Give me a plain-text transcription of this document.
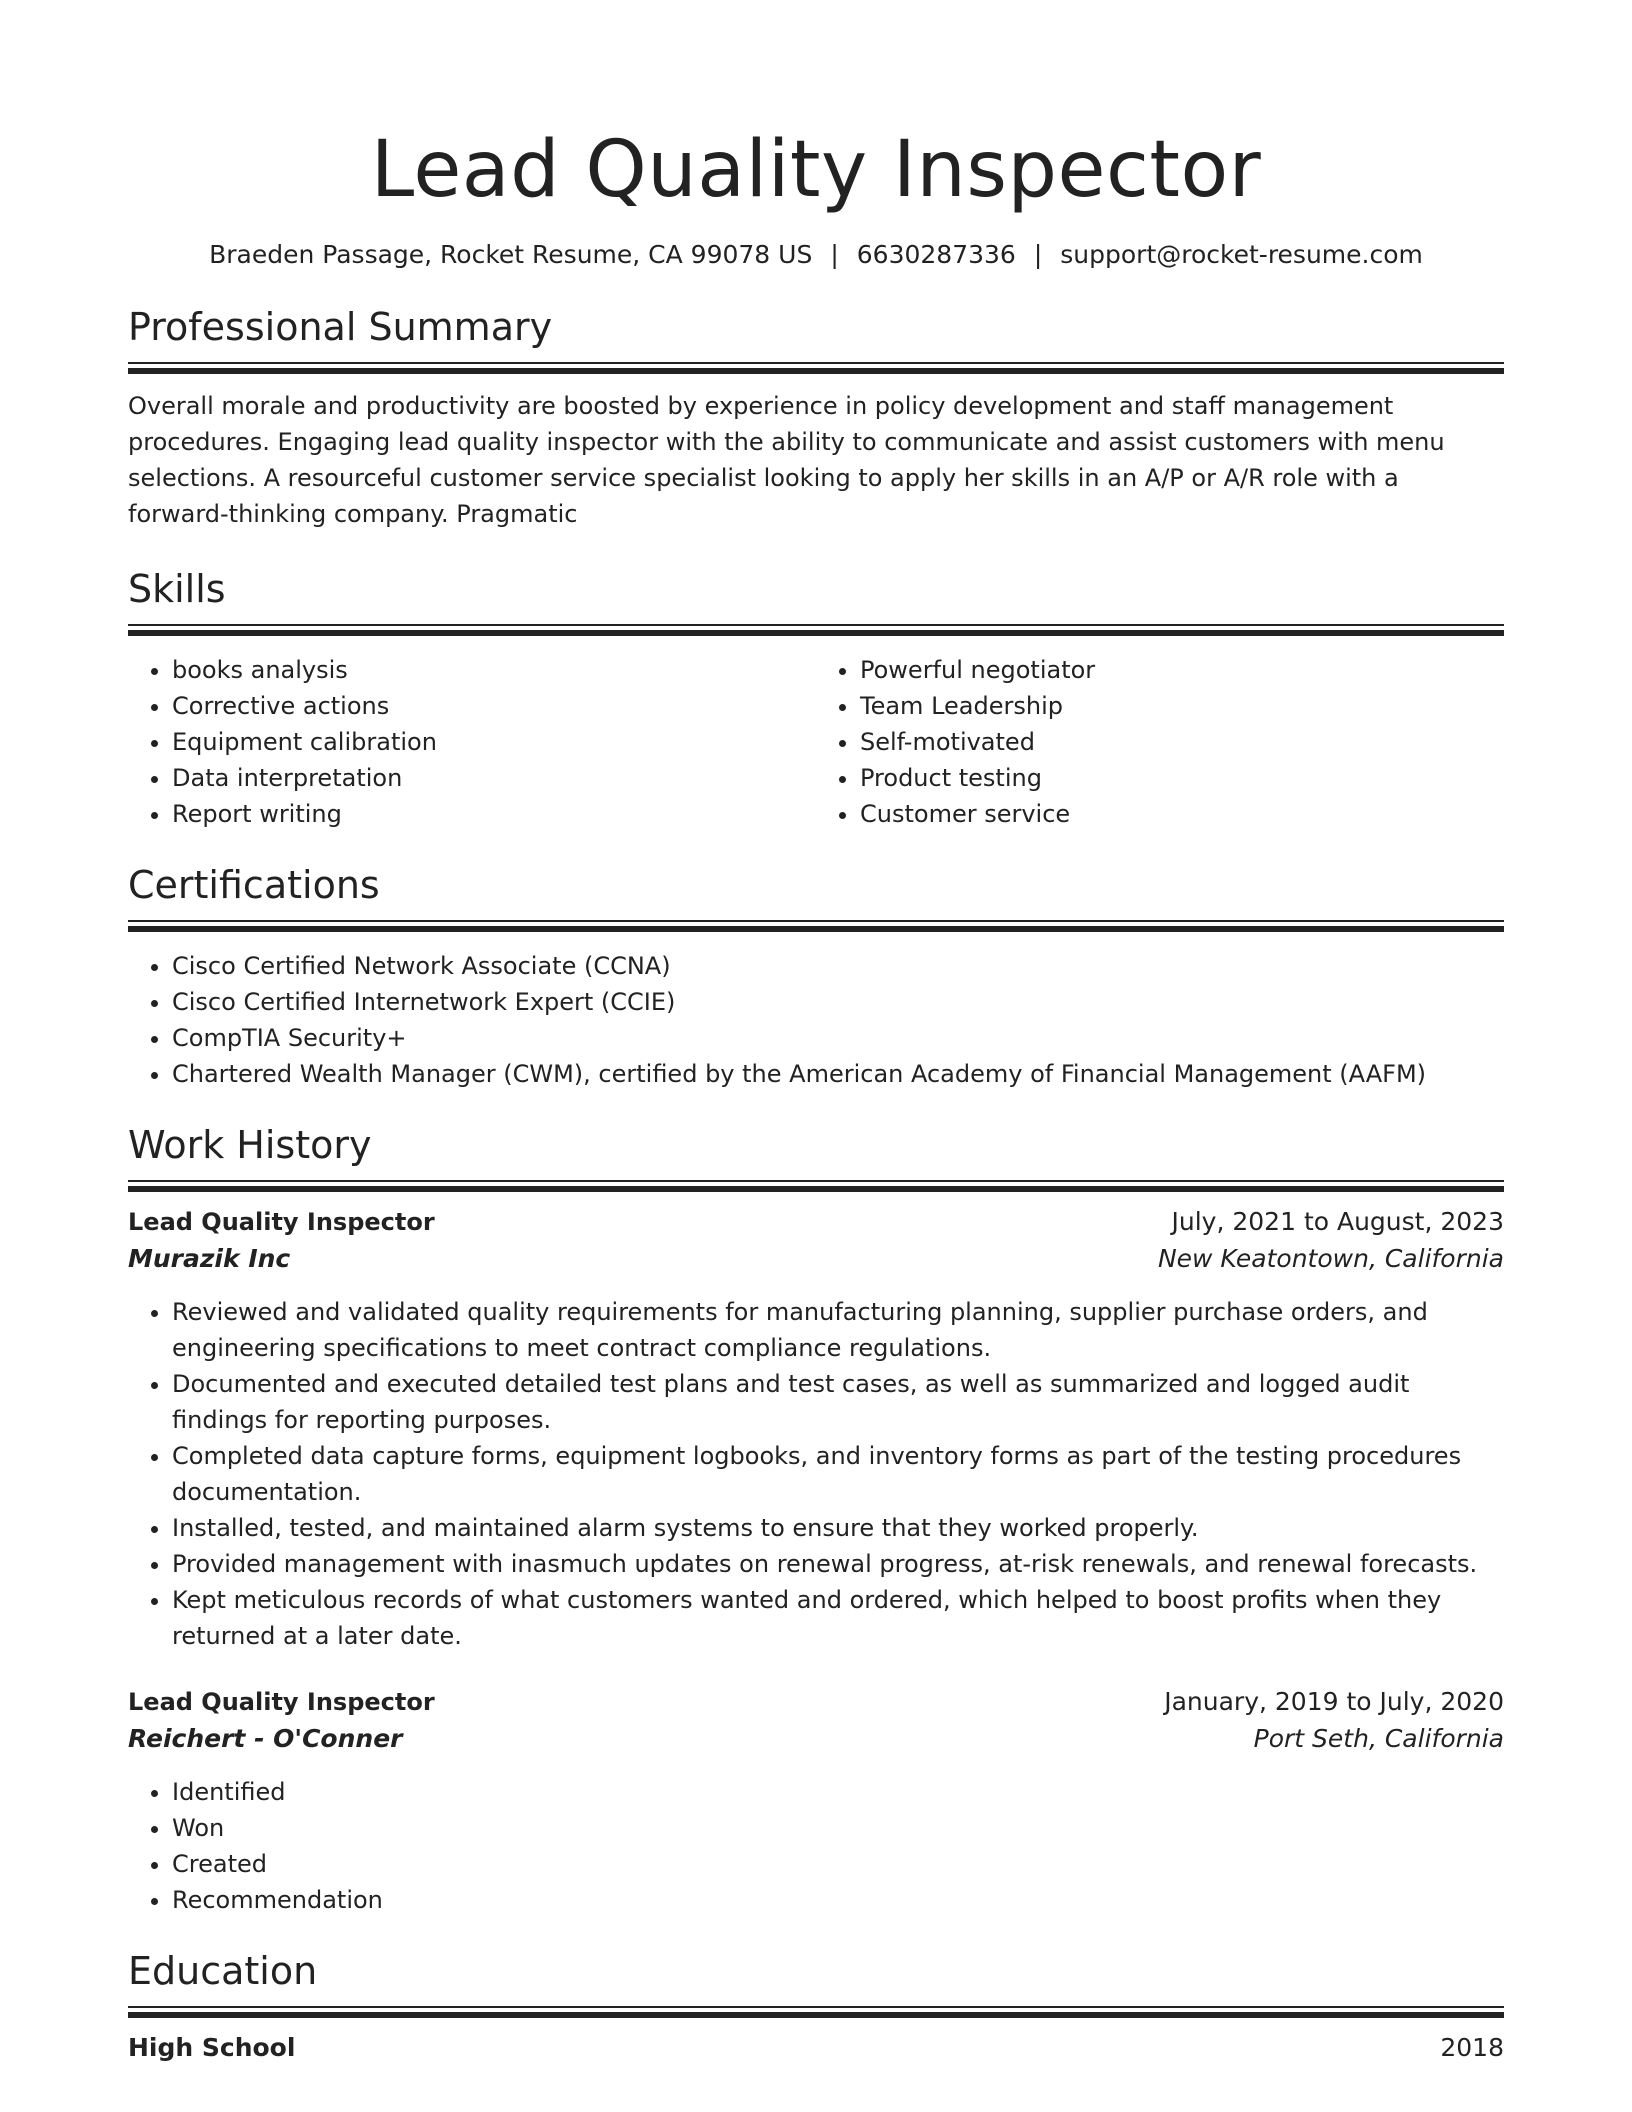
Lead Quality Inspector
Braeden Passage, Rocket Resume, CA 99078 US | 6630287336 | support@rocket-resume.com
Professional Summary

Overall morale and productivity are boosted by experience in policy development and staff management procedures. Engaging lead quality inspector with the ability to communicate and assist customers with menu selections. A resourceful customer service specialist looking to apply her skills in an A/P or A/R role with a forward-thinking company. Pragmatic

Skills
• books analysis
• Corrective actions
• Equipment calibration
• Data interpretation
• Report writing
• Powerful negotiator
• Team Leadership
• Self-motivated
• Product testing
• Customer service
Certifications
• Cisco Certified Network Associate (CCNA)
• Cisco Certified Internetwork Expert (CCIE)
• CompTIA Security+
• Chartered Wealth Manager (CWM), certified by the American Academy of Financial Management (AAFM)
Work History
Lead Quality Inspector	July, 2021 to August, 2023
Murazik Inc	New Keatontown, California
• Reviewed and validated quality requirements for manufacturing planning, supplier purchase orders, and engineering specifications to meet contract compliance regulations.
• Documented and executed detailed test plans and test cases, as well as summarized and logged audit findings for reporting purposes.
• Completed data capture forms, equipment logbooks, and inventory forms as part of the testing procedures documentation.
• Installed, tested, and maintained alarm systems to ensure that they worked properly.
• Provided management with inasmuch updates on renewal progress, at-risk renewals, and renewal forecasts.
• Kept meticulous records of what customers wanted and ordered, which helped to boost profits when they returned at a later date.
Lead Quality Inspector	January, 2019 to July, 2020
Reichert - O'Conner	Port Seth, California
• Identified
• Won
• Created
• Recommendation
Education
High School	2018
